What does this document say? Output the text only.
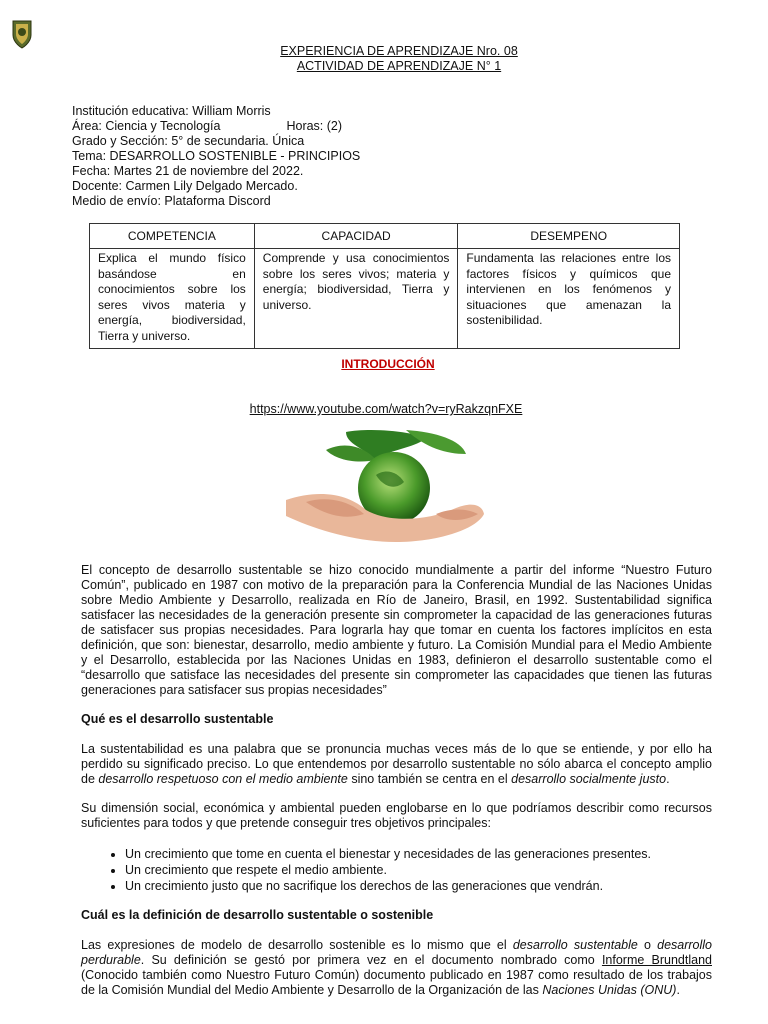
EXPERIENCIA DE APRENDIZAJE Nro. 08
ACTIVIDAD DE APRENDIZAJE N° 1
Institución educativa: William Morris
Área: Ciencia y Tecnología	Horas: (2)
Grado y Sección: 5° de secundaria. Única
Tema: DESARROLLO SOSTENIBLE - PRINCIPIOS
Fecha: Martes 21 de noviembre del 2022.
Docente: Carmen Lily Delgado Mercado.
Medio de envío: Plataforma Discord
COMPETENCIA	CAPACIDAD	DESEMPENO
Explica el mundo físico basándose en conocimientos sobre los seres vivos materia y energía, biodiversidad, Tierra y universo.	Comprende y usa conocimientos sobre los seres vivos; materia y energía; biodiversidad, Tierra y universo.	Fundamenta las relaciones entre los factores físicos y químicos que intervienen en los fenómenos y situaciones que amenazan la sostenibilidad.
INTRODUCCIÓN
https://www.youtube.com/watch?v=ryRakzqnFXE
El concepto de desarrollo sustentable se hizo conocido mundialmente a partir del informe “Nuestro Futuro Común”, publicado en 1987 con motivo de la preparación para la Conferencia Mundial de las Naciones Unidas sobre Medio Ambiente y Desarrollo, realizada en Río de Janeiro, Brasil, en 1992. Sustentabilidad significa satisfacer las necesidades de la generación presente sin comprometer la capacidad de las generaciones futuras de satisfacer sus propias necesidades. Para lograrla hay que tomar en cuenta los factores implícitos en esta definición, que son: bienestar, desarrollo, medio ambiente y futuro. La Comisión Mundial para el Medio Ambiente y el Desarrollo, establecida por las Naciones Unidas en 1983, definieron el desarrollo sustentable como el “desarrollo que satisface las necesidades del presente sin comprometer las capacidades que tienen las futuras generaciones para satisfacer sus propias necesidades”
Qué es el desarrollo sustentable
La sustentabilidad es una palabra que se pronuncia muchas veces más de lo que se entiende, y por ello ha perdido su significado preciso. Lo que entendemos por desarrollo sustentable no sólo abarca el concepto amplio de desarrollo respetuoso con el medio ambiente sino también se centra en el desarrollo socialmente justo.
Su dimensión social, económica y ambiental pueden englobarse en lo que podríamos describir como recursos suficientes para todos y que pretende conseguir tres objetivos principales:
• Un crecimiento que tome en cuenta el bienestar y necesidades de las generaciones presentes.
• Un crecimiento que respete el medio ambiente.
• Un crecimiento justo que no sacrifique los derechos de las generaciones que vendrán.
Cuál es la definición de desarrollo sustentable o sostenible
Las expresiones de modelo de desarrollo sostenible es lo mismo que el desarrollo sustentable o desarrollo perdurable. Su definición se gestó por primera vez en el documento nombrado como Informe Brundtland (Conocido también como Nuestro Futuro Común) documento publicado en 1987 como resultado de los trabajos de la Comisión Mundial del Medio Ambiente y Desarrollo de la Organización de las Naciones Unidas (ONU).
